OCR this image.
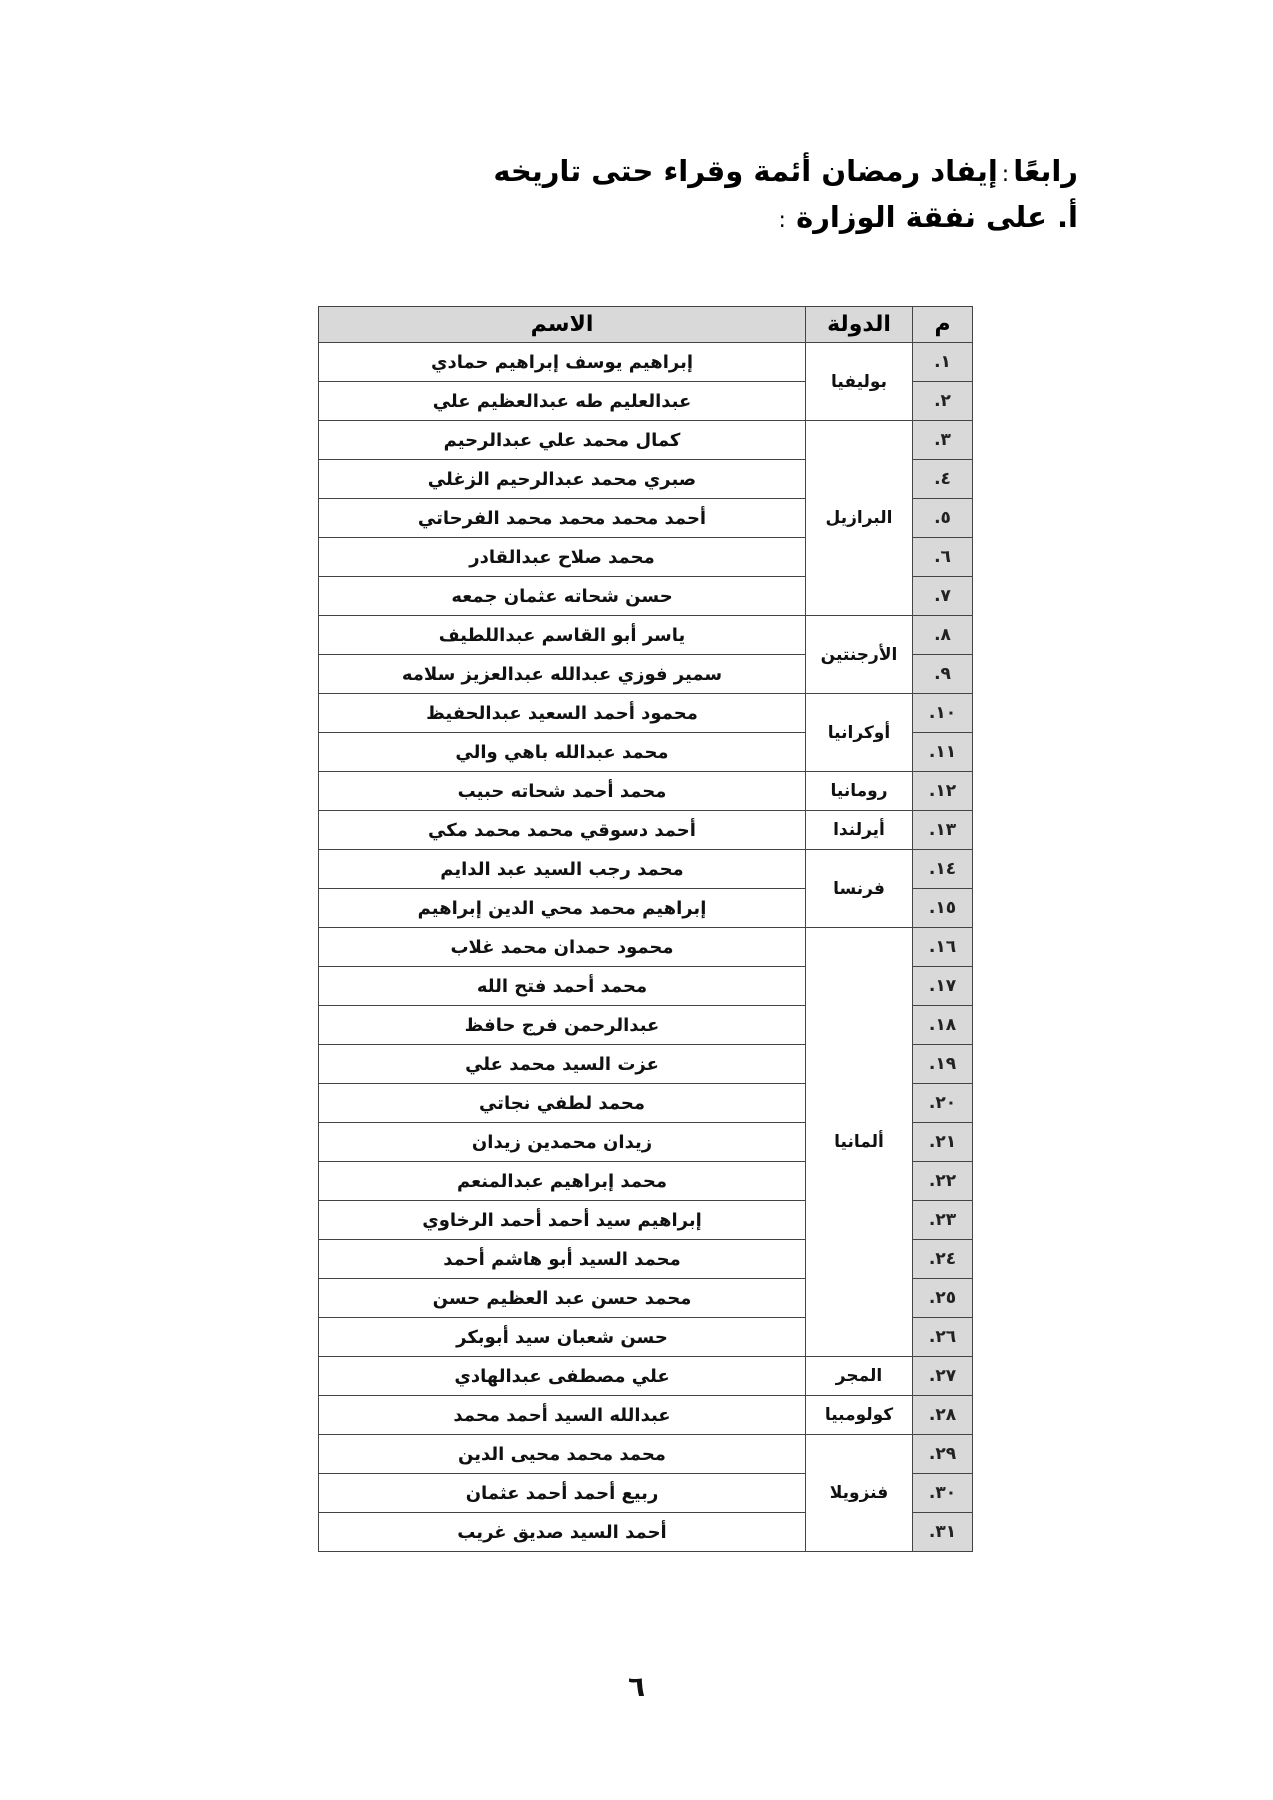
رابعًا:إيفاد رمضان أئمة وقراء حتى تاريخه
أ. على نفقة الوزارة :
م	الدولة	الاسم
١.	بوليفيا	إبراهيم يوسف إبراهيم حمادي
٢.		عبدالعليم طه عبدالعظيم علي
٣.	البرازيل	كمال محمد علي عبدالرحيم
٤.		صبري محمد عبدالرحيم الزغلي
٥.		أحمد محمد محمد محمد الفرحاتي
٦.		محمد صلاح عبدالقادر
٧.		حسن شحاته عثمان جمعه
٨.	الأرجنتين	ياسر أبو القاسم عبداللطيف
٩.		سمير فوزي عبدالله عبدالعزيز سلامه
١٠.	أوكرانيا	محمود أحمد السعيد عبدالحفيظ
١١.		محمد عبدالله باهي والي
١٢.	رومانيا	محمد أحمد شحاته حبيب
١٣.	أيرلندا	أحمد دسوقي محمد محمد مكي
١٤.	فرنسا	محمد رجب السيد عبد الدايم
١٥.		إبراهيم محمد محي الدين إبراهيم
١٦.	ألمانيا	محمود حمدان محمد غلاب
١٧.		محمد أحمد فتح الله
١٨.		عبدالرحمن فرج حافظ
١٩.		عزت السيد محمد علي
٢٠.		محمد لطفي نجاتي
٢١.		زيدان محمدين زيدان
٢٢.		محمد إبراهيم عبدالمنعم
٢٣.		إبراهيم سيد أحمد أحمد الرخاوي
٢٤.		محمد السيد أبو هاشم أحمد
٢٥.		محمد حسن عبد العظيم حسن
٢٦.		حسن شعبان سيد أبوبكر
٢٧.	المجر	علي مصطفى عبدالهادي
٢٨.	كولومبيا	عبدالله السيد أحمد محمد
٢٩.	فنزويلا	محمد محمد محيى الدين
٣٠.		ربيع أحمد أحمد عثمان
٣١.		أحمد السيد صديق غريب
٦
